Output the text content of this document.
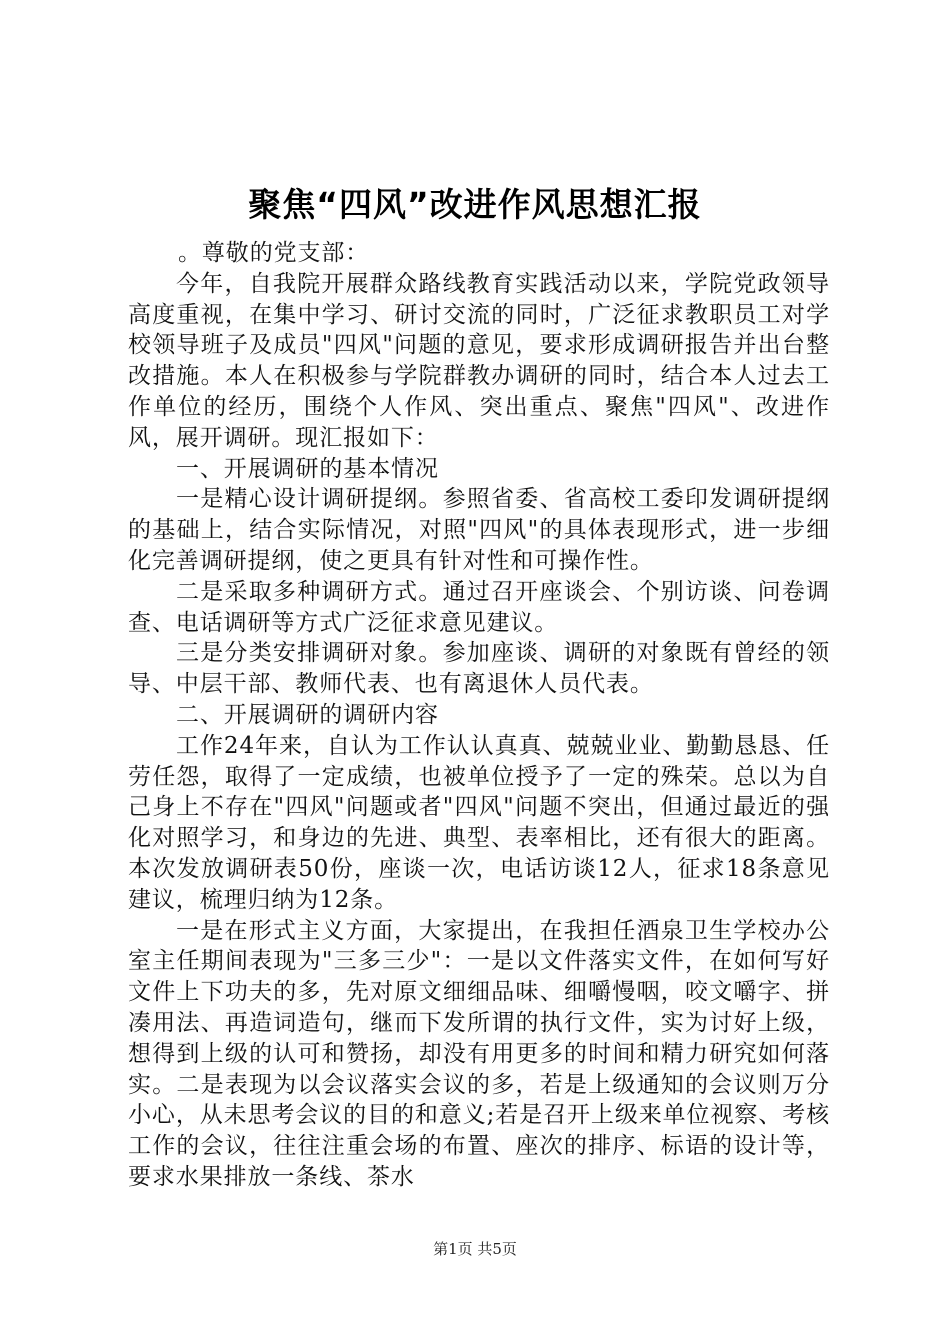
聚焦“四风”改进作风思想汇报

。尊敬的党支部：

今年，自我院开展群众路线教育实践活动以来，学院党政领导高度重视，在集中学习、研讨交流的同时，广泛征求教职员工对学校领导班子及成员"四风"问题的意见，要求形成调研报告并出台整改措施。本人在积极参与学院群教办调研的同时，结合本人过去工作单位的经历，围绕个人作风、突出重点、聚焦"四风"、改进作风，展开调研。现汇报如下：

一、开展调研的基本情况

一是精心设计调研提纲。参照省委、省高校工委印发调研提纲的基础上，结合实际情况，对照"四风"的具体表现形式，进一步细化完善调研提纲，使之更具有针对性和可操作性。

二是采取多种调研方式。通过召开座谈会、个别访谈、问卷调查、电话调研等方式广泛征求意见建议。

三是分类安排调研对象。参加座谈、调研的对象既有曾经的领导、中层干部、教师代表、也有离退休人员代表。

二、开展调研的调研内容

工作24年来，自认为工作认认真真、兢兢业业、勤勤恳恳、任劳任怨，取得了一定成绩，也被单位授予了一定的殊荣。总以为自己身上不存在"四风"问题或者"四风"问题不突出，但通过最近的强化对照学习，和身边的先进、典型、表率相比，还有很大的距离。本次发放调研表50份，座谈一次，电话访谈12人，征求18条意见建议，梳理归纳为12条。

一是在形式主义方面，大家提出，在我担任酒泉卫生学校办公室主任期间表现为"三多三少"：一是以文件落实文件，在如何写好文件上下功夫的多，先对原文细细品味、细嚼慢咽，咬文嚼字、拼凑用法、再造词造句，继而下发所谓的执行文件，实为讨好上级，想得到上级的认可和赞扬，却没有用更多的时间和精力研究如何落实。二是表现为以会议落实会议的多，若是上级通知的会议则万分小心，从未思考会议的目的和意义;若是召开上级来单位视察、考核工作的会议，往往注重会场的布置、座次的排序、标语的设计等，要求水果排放一条线、茶水

第1页 共5页
